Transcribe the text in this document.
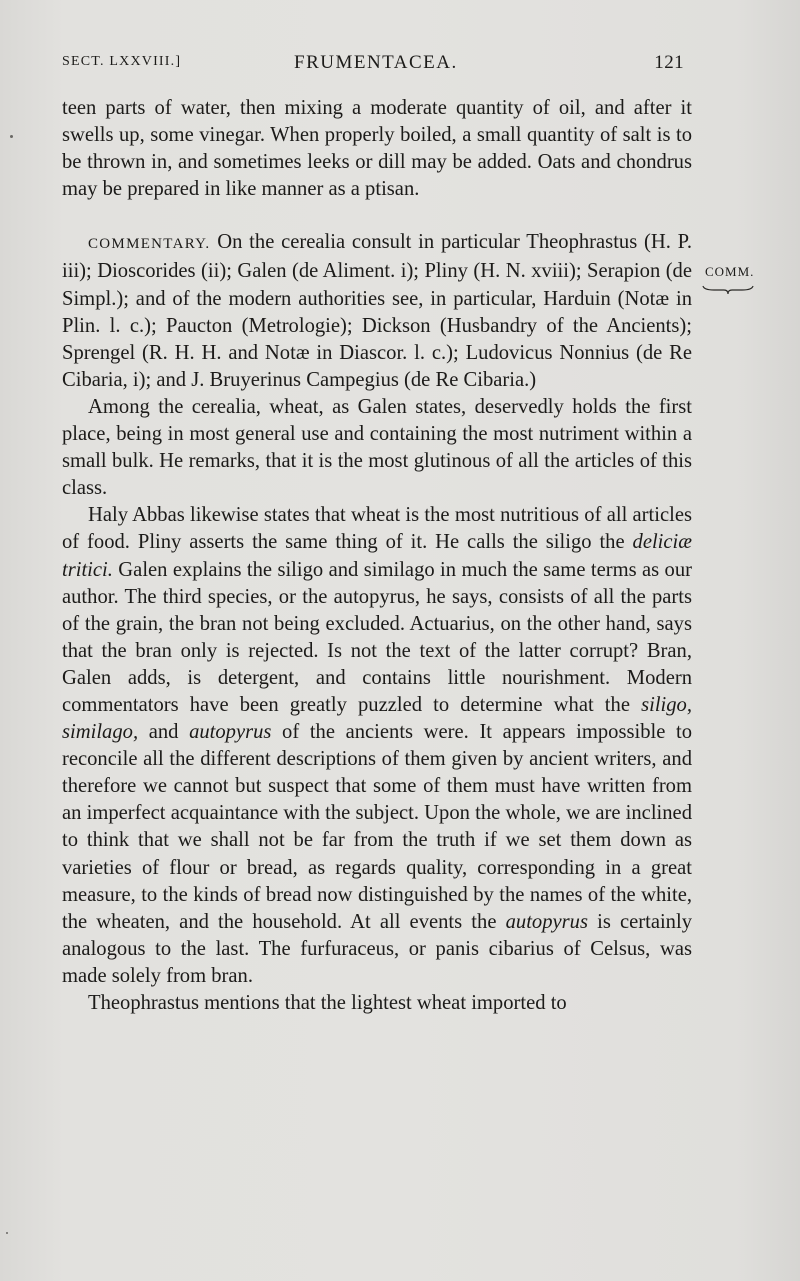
SECT. LXXVIII.]	FRUMENTACEA.	121
COMM.

teen parts of water, then mixing a moderate quantity of oil, and after it swells up, some vinegar. When properly boiled, a small quantity of salt is to be thrown in, and sometimes leeks or dill may be added. Oats and chondrus may be prepared in like manner as a ptisan.

COMMENTARY. On the cerealia consult in particular Theophrastus (H. P. iii); Dioscorides (ii); Galen (de Aliment. i); Pliny (H. N. xviii); Serapion (de Simpl.); and of the modern authorities see, in particular, Harduin (Notæ in Plin. l. c.); Paucton (Metrologie); Dickson (Husbandry of the Ancients); Sprengel (R. H. H. and Notæ in Diascor. l. c.); Ludovicus Nonnius (de Re Cibaria, i); and J. Bruyerinus Campegius (de Re Cibaria.)

Among the cerealia, wheat, as Galen states, deservedly holds the first place, being in most general use and containing the most nutriment within a small bulk. He remarks, that it is the most glutinous of all the articles of this class.

Haly Abbas likewise states that wheat is the most nutritious of all articles of food. Pliny asserts the same thing of it. He calls the siligo the deliciæ tritici. Galen explains the siligo and similago in much the same terms as our author. The third species, or the autopyrus, he says, consists of all the parts of the grain, the bran not being excluded. Actuarius, on the other hand, says that the bran only is rejected. Is not the text of the latter corrupt? Bran, Galen adds, is detergent, and contains little nourishment. Modern commentators have been greatly puzzled to determine what the siligo, similago, and autopyrus of the ancients were. It appears impossible to reconcile all the different descriptions of them given by ancient writers, and therefore we cannot but suspect that some of them must have written from an imperfect acquaintance with the subject. Upon the whole, we are inclined to think that we shall not be far from the truth if we set them down as varieties of flour or bread, as regards quality, corresponding in a great measure, to the kinds of bread now distinguished by the names of the white, the wheaten, and the household. At all events the autopyrus is certainly analogous to the last. The furfuraceus, or panis cibarius of Celsus, was made solely from bran.

Theophrastus mentions that the lightest wheat imported to
